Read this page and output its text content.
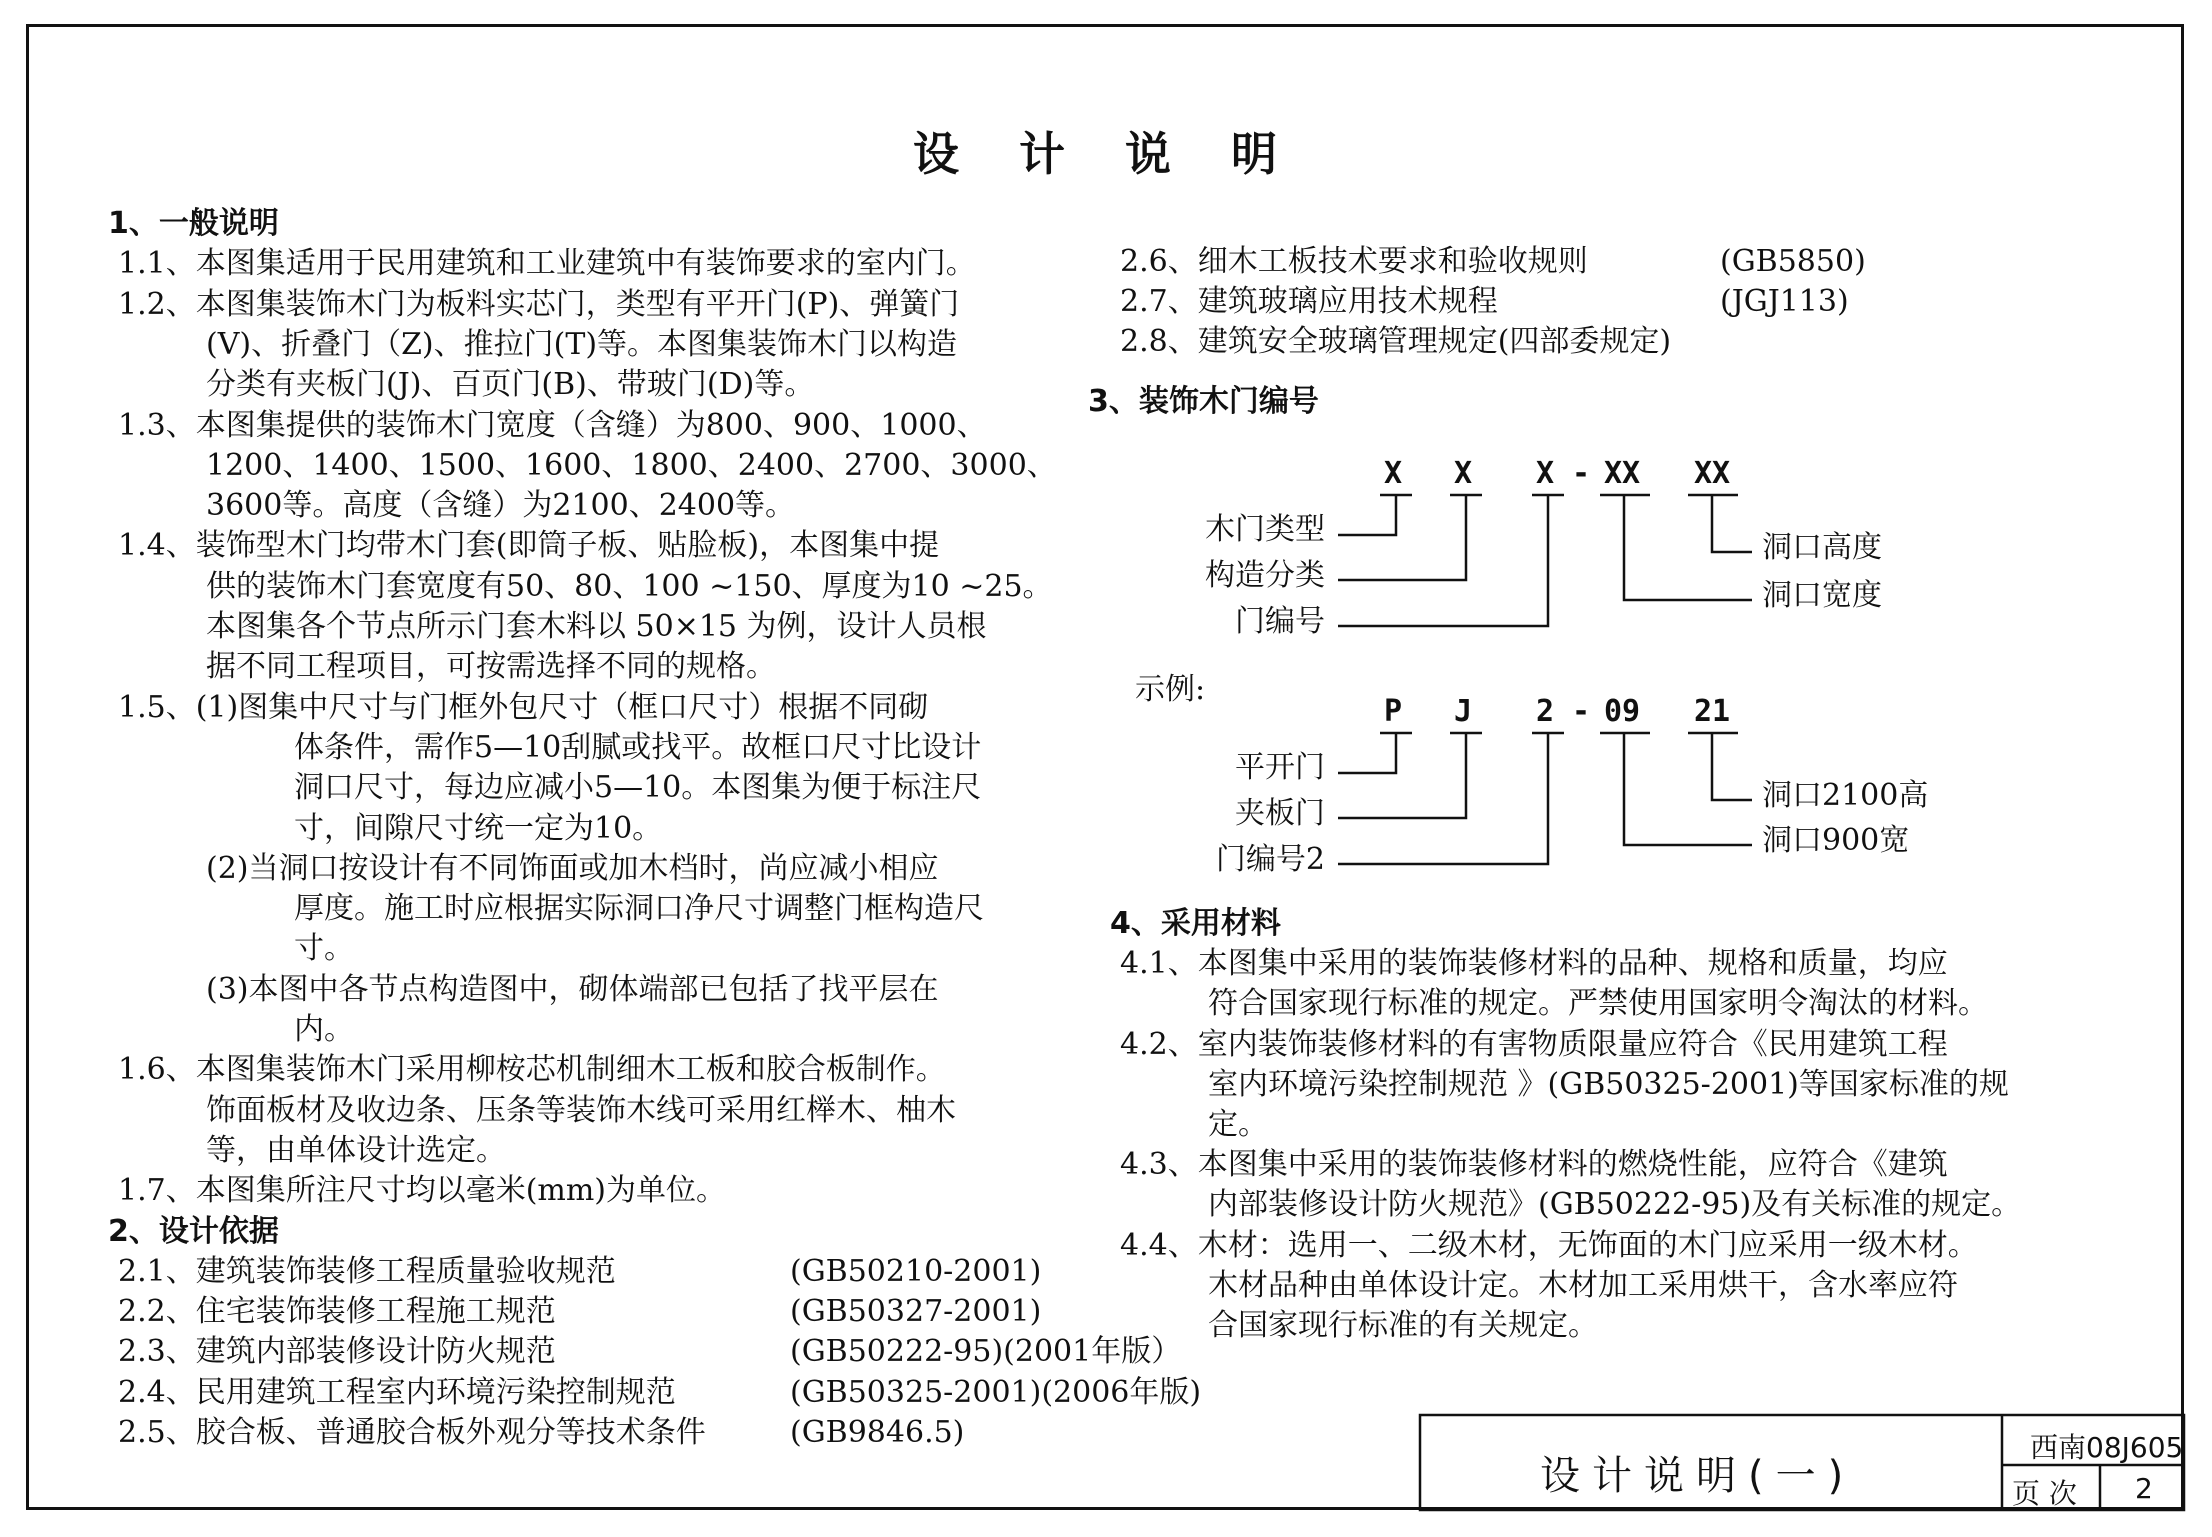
设 计 说 明
1、一般说明
1.1、本图集适用于民用建筑和工业建筑中有装饰要求的室内门。
1.2、本图集装饰木门为板料实芯门，类型有平开门(P)、弹簧门
(V)、折叠门（Z)、推拉门(T)等。本图集装饰木门以构造
分类有夹板门(J)、百页门(B)、带玻门(D)等。
1.3、本图集提供的装饰木门宽度（含缝）为800、900、1000、
1200、1400、1500、1600、1800、2400、2700、3000、
3600等。高度（含缝）为2100、2400等。
1.4、装饰型木门均带木门套(即筒子板、贴脸板)，本图集中提
供的装饰木门套宽度有50、80、100 ~150、厚度为10 ~25。
本图集各个节点所示门套木料以 50×15 为例，设计人员根
据不同工程项目，可按需选择不同的规格。
1.5、(1)图集中尺寸与门框外包尺寸（框口尺寸）根据不同砌
体条件，需作5—10刮腻或找平。故框口尺寸比设计
洞口尺寸，每边应减小5—10。本图集为便于标注尺
寸，间隙尺寸统一定为10。
(2)当洞口按设计有不同饰面或加木档时，尚应减小相应
厚度。施工时应根据实际洞口净尺寸调整门框构造尺
寸。
(3)本图中各节点构造图中，砌体端部已包括了找平层在
内。
1.6、本图集装饰木门采用柳桉芯机制细木工板和胶合板制作。
饰面板材及收边条、压条等装饰木线可采用红榉木、柚木
等，由单体设计选定。
1.7、本图集所注尺寸均以毫米(mm)为单位。
2、设计依据
2.1、建筑装饰装修工程质量验收规范	(GB50210-2001)
2.2、住宅装饰装修工程施工规范	(GB50327-2001)
2.3、建筑内部装修设计防火规范	(GB50222-95)(2001年版）
2.4、民用建筑工程室内环境污染控制规范	(GB50325-2001)(2006年版)
2.5、胶合板、普通胶合板外观分等技术条件	(GB9846.5)
2.6、细木工板技术要求和验收规则	(GB5850)
2.7、建筑玻璃应用技术规程	(JGJ113)
2.8、建筑安全玻璃管理规定(四部委规定)
3、装饰木门编号
X X X - XX XX
木门类型
构造分类
门编号
洞口高度
洞口宽度
示例:
P J 2 - 09 21
平开门
夹板门
门编号2
洞口2100高
洞口900宽
4、采用材料
4.1、本图集中采用的装饰装修材料的品种、规格和质量，均应
符合国家现行标准的规定。严禁使用国家明令淘汰的材料。
4.2、室内装饰装修材料的有害物质限量应符合《民用建筑工程
室内环境污染控制规范 》(GB50325-2001)等国家标准的规
定。
4.3、本图集中采用的装饰装修材料的燃烧性能，应符合《建筑
内部装修设计防火规范》(GB50222-95)及有关标准的规定。
4.4、木材：选用一、二级木材，无饰面的木门应采用一级木材。
木材品种由单体设计定。木材加工采用烘干，含水率应符
合国家现行标准的有关规定。
设计说明(一)
西南08J605
页 次 2
